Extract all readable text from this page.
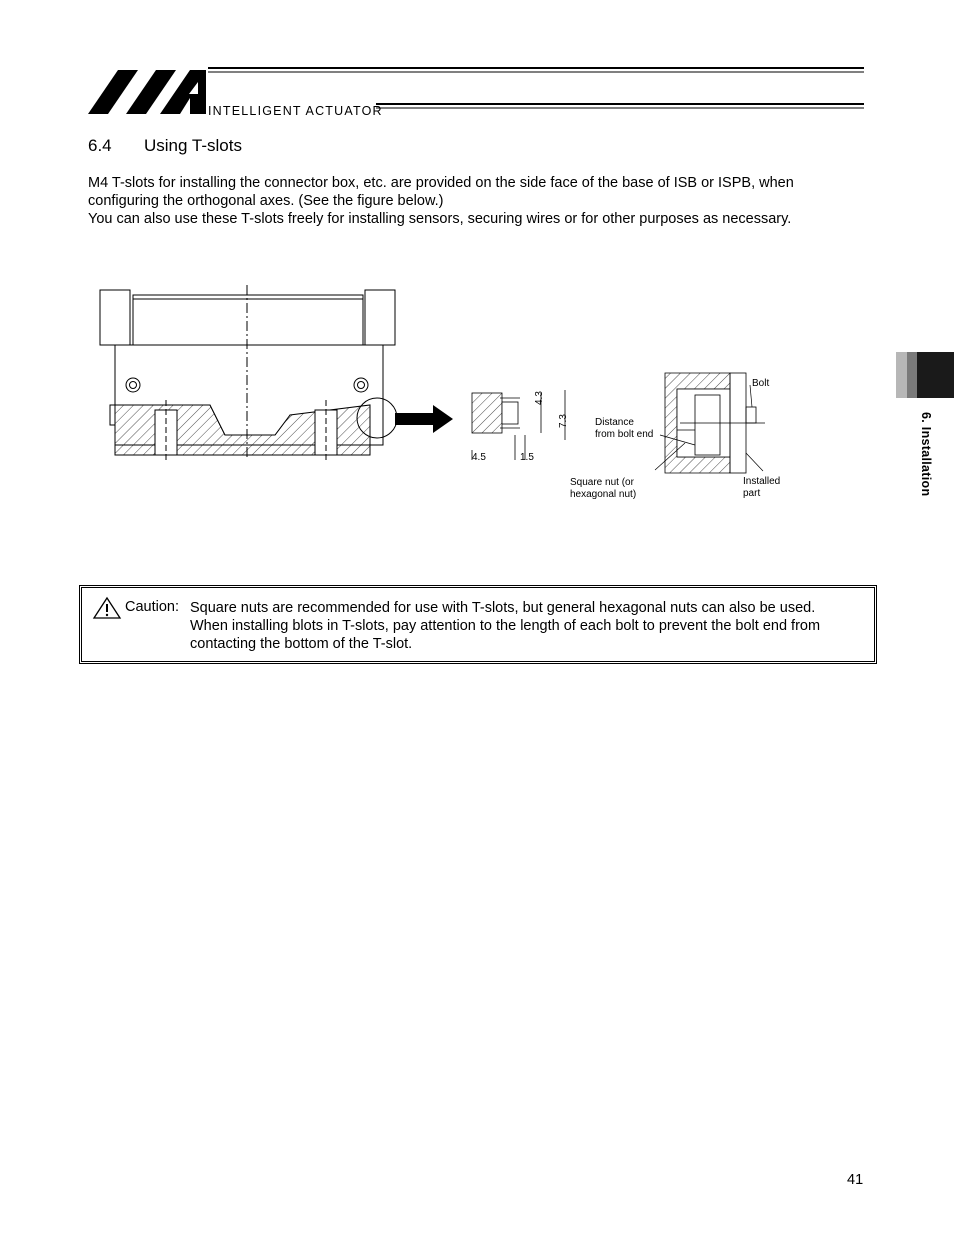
INTELLIGENT ACTUATOR
6.4 Using T-slots

M4 T-slots for installing the connector box, etc. are provided on the side face of the base of ISB or ISPB, when configuring the orthogonal axes. (See the figure below.)

You can also use these T-slots freely for installing sensors, securing wires or for other purposes as necessary.

4.3
7.3
4.5	1.5
Bolt
Distance
from bolt end
Square nut (or
hexagonal nut)
Installed
part	6. Installation
Caution: Square nuts are recommended for use with T-slots, but general hexagonal nuts can also be used.

When installing blots in T-slots, pay attention to the length of each bolt to prevent the bolt end from contacting the bottom of the T-slot.

41
